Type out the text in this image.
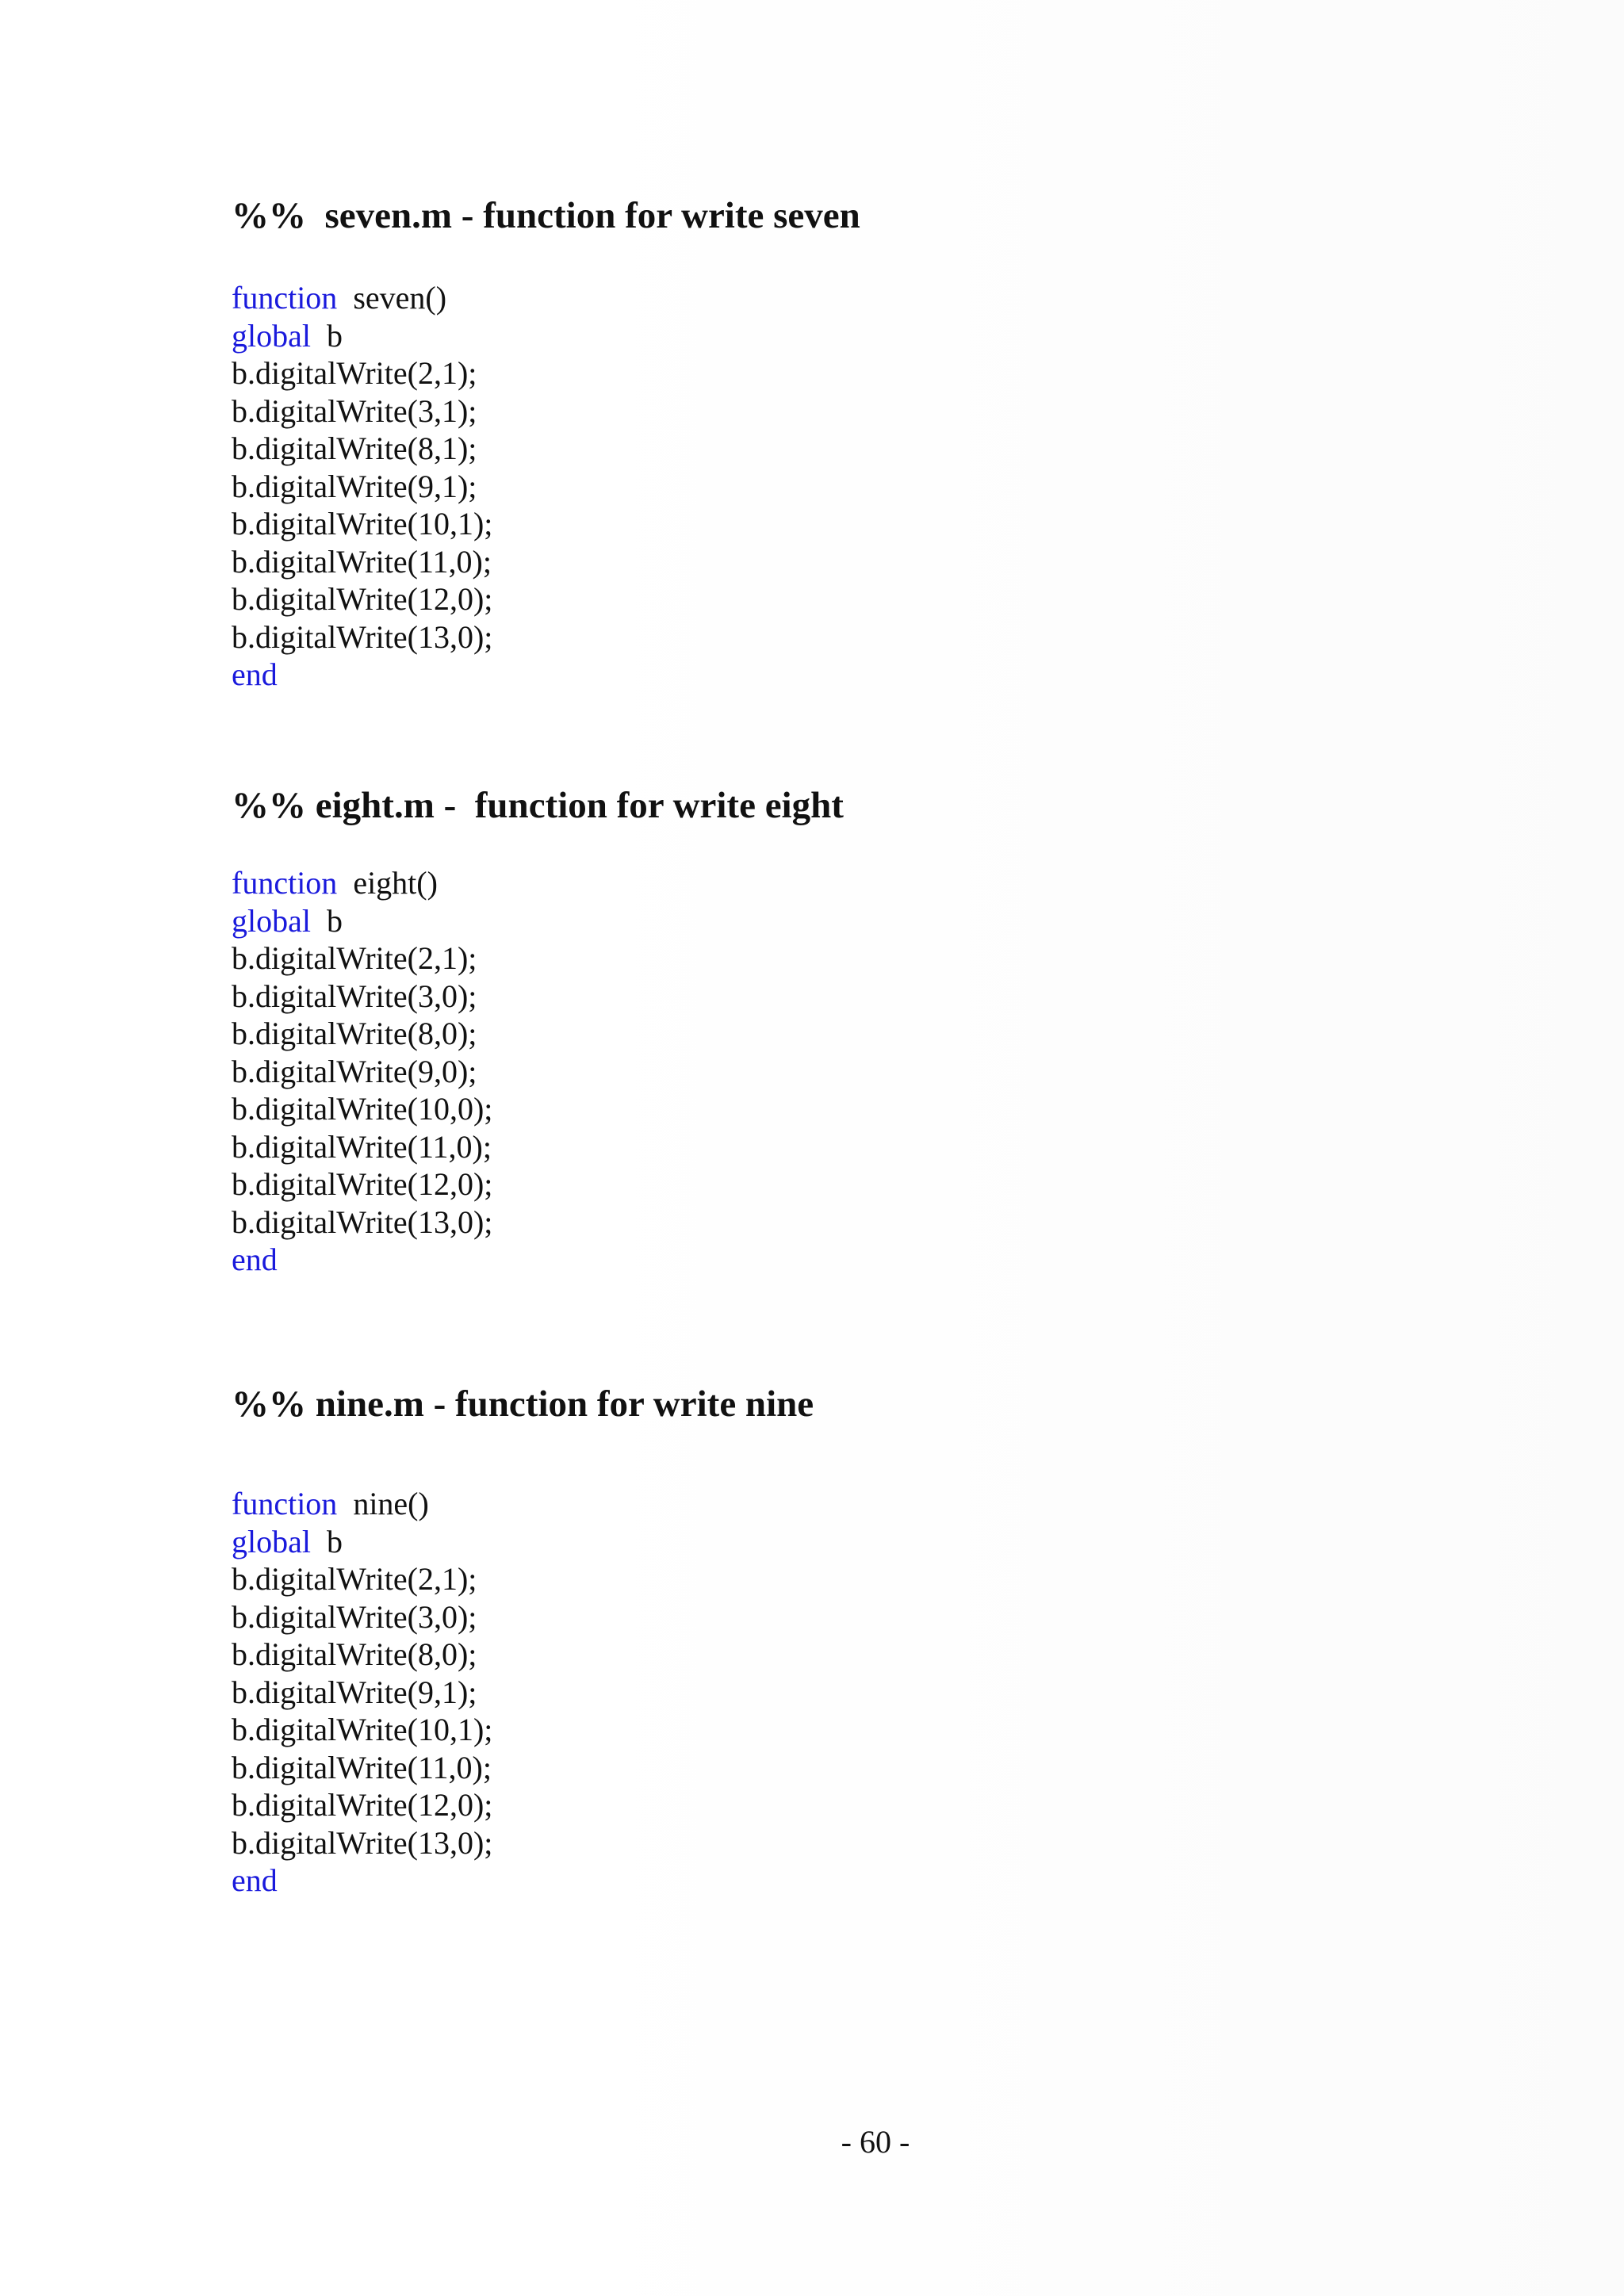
%%  seven.m - function for write seven
function  seven()
global  b
b.digitalWrite(2,1);
b.digitalWrite(3,1);
b.digitalWrite(8,1);
b.digitalWrite(9,1);
b.digitalWrite(10,1);
b.digitalWrite(11,0);
b.digitalWrite(12,0);
b.digitalWrite(13,0);
end
%% eight.m -  function for write eight
function  eight()
global  b
b.digitalWrite(2,1);
b.digitalWrite(3,0);
b.digitalWrite(8,0);
b.digitalWrite(9,0);
b.digitalWrite(10,0);
b.digitalWrite(11,0);
b.digitalWrite(12,0);
b.digitalWrite(13,0);
end
%% nine.m - function for write nine
function  nine()
global  b
b.digitalWrite(2,1);
b.digitalWrite(3,0);
b.digitalWrite(8,0);
b.digitalWrite(9,1);
b.digitalWrite(10,1);
b.digitalWrite(11,0);
b.digitalWrite(12,0);
b.digitalWrite(13,0);
end
- 60 -
